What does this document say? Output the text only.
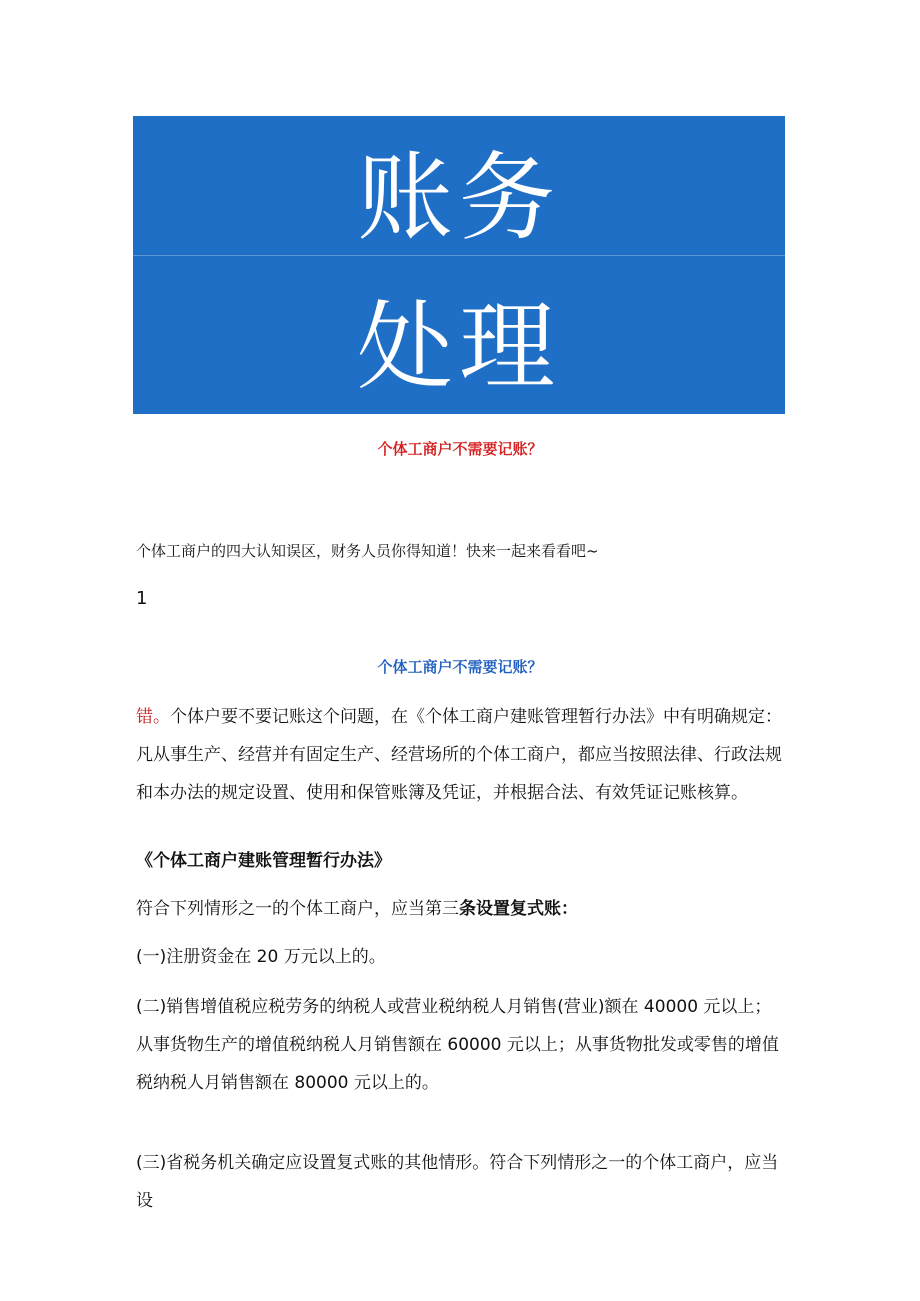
账务
处理
个体工商户不需要记账？
个体工商户的四大认知误区，财务人员你得知道！快来一起来看看吧~
1
个体工商户不需要记账？
错。个体户要不要记账这个问题，在《个体工商户建账管理暂行办法》中有明确规定：凡从事生产、经营并有固定生产、经营场所的个体工商户，都应当按照法律、行政法规和本办法的规定设置、使用和保管账簿及凭证，并根据合法、有效凭证记账核算。
《个体工商户建账管理暂行办法》
符合下列情形之一的个体工商户，应当第三条设置复式账：
(一)注册资金在 20 万元以上的。
(二)销售增值税应税劳务的纳税人或营业税纳税人月销售(营业)额在 40000 元以上；从事货物生产的增值税纳税人月销售额在 60000 元以上；从事货物批发或零售的增值税纳税人月销售额在 80000 元以上的。
(三)省税务机关确定应设置复式账的其他情形。符合下列情形之一的个体工商户，应当设
